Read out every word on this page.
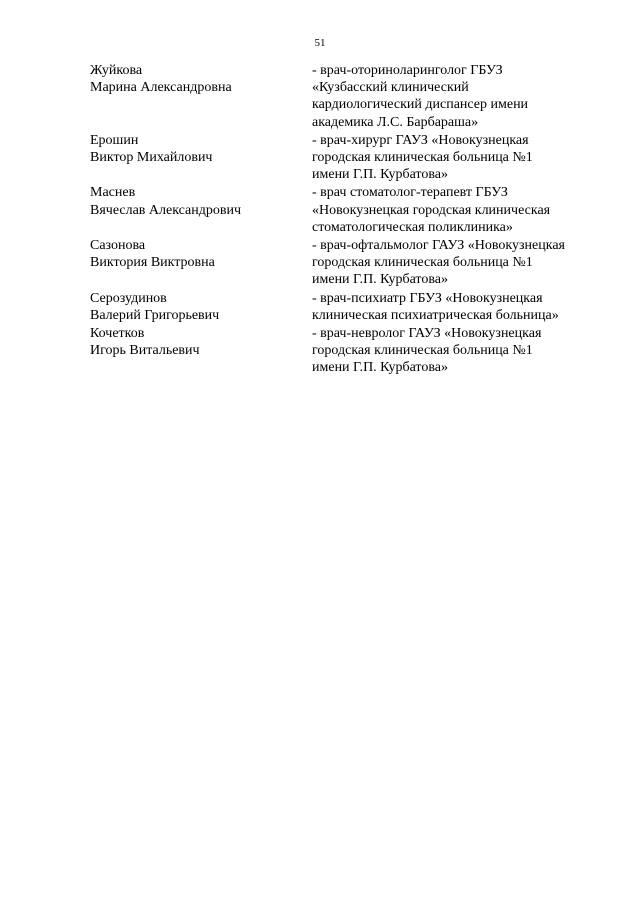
51
Жуйкова
Марина Александровна
- врач-оториноларинголог ГБУЗ
«Кузбасский клинический
кардиологический диспансер имени
академика Л.С. Барбараша»
Ерошин
Виктор Михайлович
- врач-хирург ГАУЗ «Новокузнецкая
городская клиническая больница №1
имени Г.П. Курбатова»
Маснев
Вячеслав Александрович
- врач стоматолог-терапевт ГБУЗ
«Новокузнецкая городская клиническая
стоматологическая поликлиника»
Сазонова
Виктория Виктровна
- врач-офтальмолог ГАУЗ «Новокузнецкая
городская клиническая больница №1
имени Г.П. Курбатова»
Серозудинов
Валерий Григорьевич
- врач-психиатр ГБУЗ «Новокузнецкая
клиническая психиатрическая больница»
Кочетков
Игорь Витальевич
- врач-невролог ГАУЗ «Новокузнецкая
городская клиническая больница №1
имени Г.П. Курбатова»
